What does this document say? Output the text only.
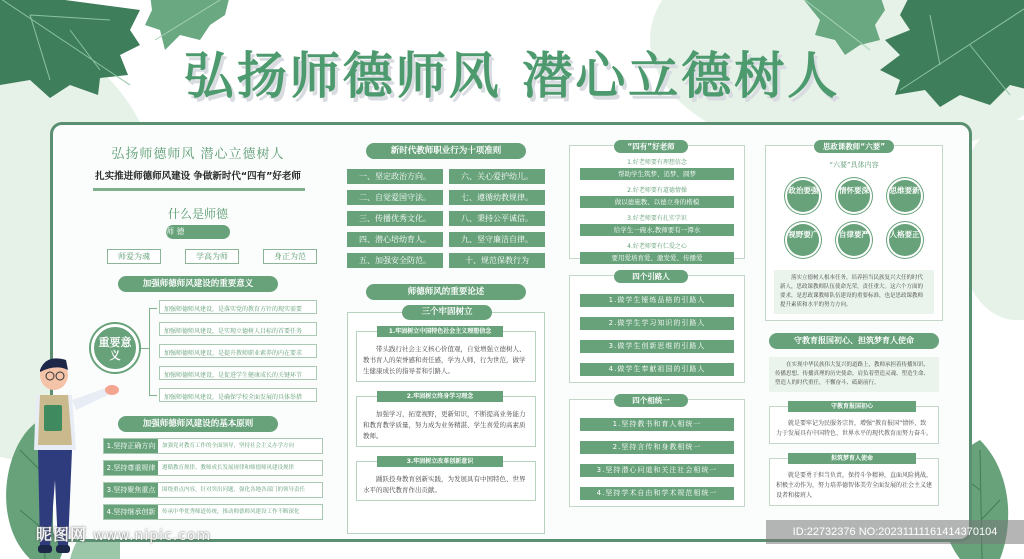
弘扬师德师风 潜心立德树人
弘扬师德师风 潜心立德树人
扎实推进师德师风建设 争做新时代“四有”好老师
什么是师德
师 德
师爱为魂	学高为师	身正为范
加强师德师风建设的重要意义
重要意义
加强师德师风建设，是落实党的教育方针的现实需要
加强师德师风建设，是实现立德树人目标的首要任务
加强师德师风建设，是提升教师职业素养的内在要求
加强师德师风建设，是促进学生健康成长的关键环节
加强师德师风建设，是确保学校全面发展的具体举措
加强师德师风建设的基本原则
1.坚持正确方向	加强党对教育工作的全面领导，坚持社会主义办学方向
2.坚持尊重规律	遵循教育规律、教师成长发展规律和师德师风建设规律
3.坚持聚焦重点	围绕重点内容，针对突出问题，强化各地各部门的领导责任
4.坚持继承创新	传承中华优秀师道传统，推动师德师风建设工作不断深化
新时代教师职业行为十项准则
一、坚定政治方向。	六、关心爱护幼儿。
二、自觉爱国守法。	七、遵循幼教规律。
三、传播优秀文化。	八、秉持公平诚信。
四、潜心培幼育人。	九、坚守廉洁自律。
五、加强安全防范。	十、规范保教行为
师德师风的重要论述
三个牢固树立
1.牢固树立中国特色社会主义理想信念

带头践行社会主义核心价值观，自觉增强立德树人、教书育人的荣誉感和责任感，学为人师，行为世范，做学生健康成长的指导者和引路人。

2.牢固树立终身学习理念

加强学习，拓宽视野，更新知识，不断提高业务能力和教育教学质量，努力成为业务精湛、学生喜爱的高素质教师。

3.牢固树立改革创新意识

踊跃投身教育创新实践，为发展具有中国特色、世界水平的现代教育作出贡献。

“四有”好老师
1.好老师要有理想信念
帮助学生筑梦、追梦、圆梦
2.好老师要有道德情操
做以德施教、以德立身的楷模
3.好老师要有扎实学识
给学生一碗水,教师要有一潭水
4.好老师要有仁爱之心
要用爱培育爱、激发爱、传播爱
四个引路人
1.做学生锤炼品格的引路人
2.做学生学习知识的引路人
3.做学生创新思维的引路人
4.做学生奉献祖国的引路人
四个相统一
1.坚持教书和育人相统一
2.坚持言传和身教相统一
3.坚持潜心问道和关注社会相统一
4.坚持学术自由和学术规范相统一
思政课教师“六要”
“六要”具体内容
政治要强	情怀要深	思维要新
视野要广	自律要严	人格要正
落实立德树人根本任务，培养担当民族复兴大任的时代新人，思政课教师队伍使命光荣，责任重大。这六个方面的要求，是思政课教师队伍建设的重要标准，也是思政课教师提升素质和水平的努力方向。
守教育报国初心、担筑梦育人使命
在实现中华民族伟大复兴的道路上，教师承担着传播知识、传播思想、传播真理的历史使命，肩负着塑造灵魂、塑造生命、塑造人的时代重任，不懈奋斗、砥砺前行。
守教育报国初心

就是要牢记为民服务宗旨，增强“教育报国”情怀，致力于发展具有中国特色、世界水平的现代教育而努力奋斗。

担筑梦育人使命

就是要勇于担当负责，保持斗争精神，直面风险挑战，积极主动作为，努力培养德智体美劳全面发展的社会主义建设者和接班人

昵图网 www.nipic.com	ID:22732376 NO:20231111161414370104
